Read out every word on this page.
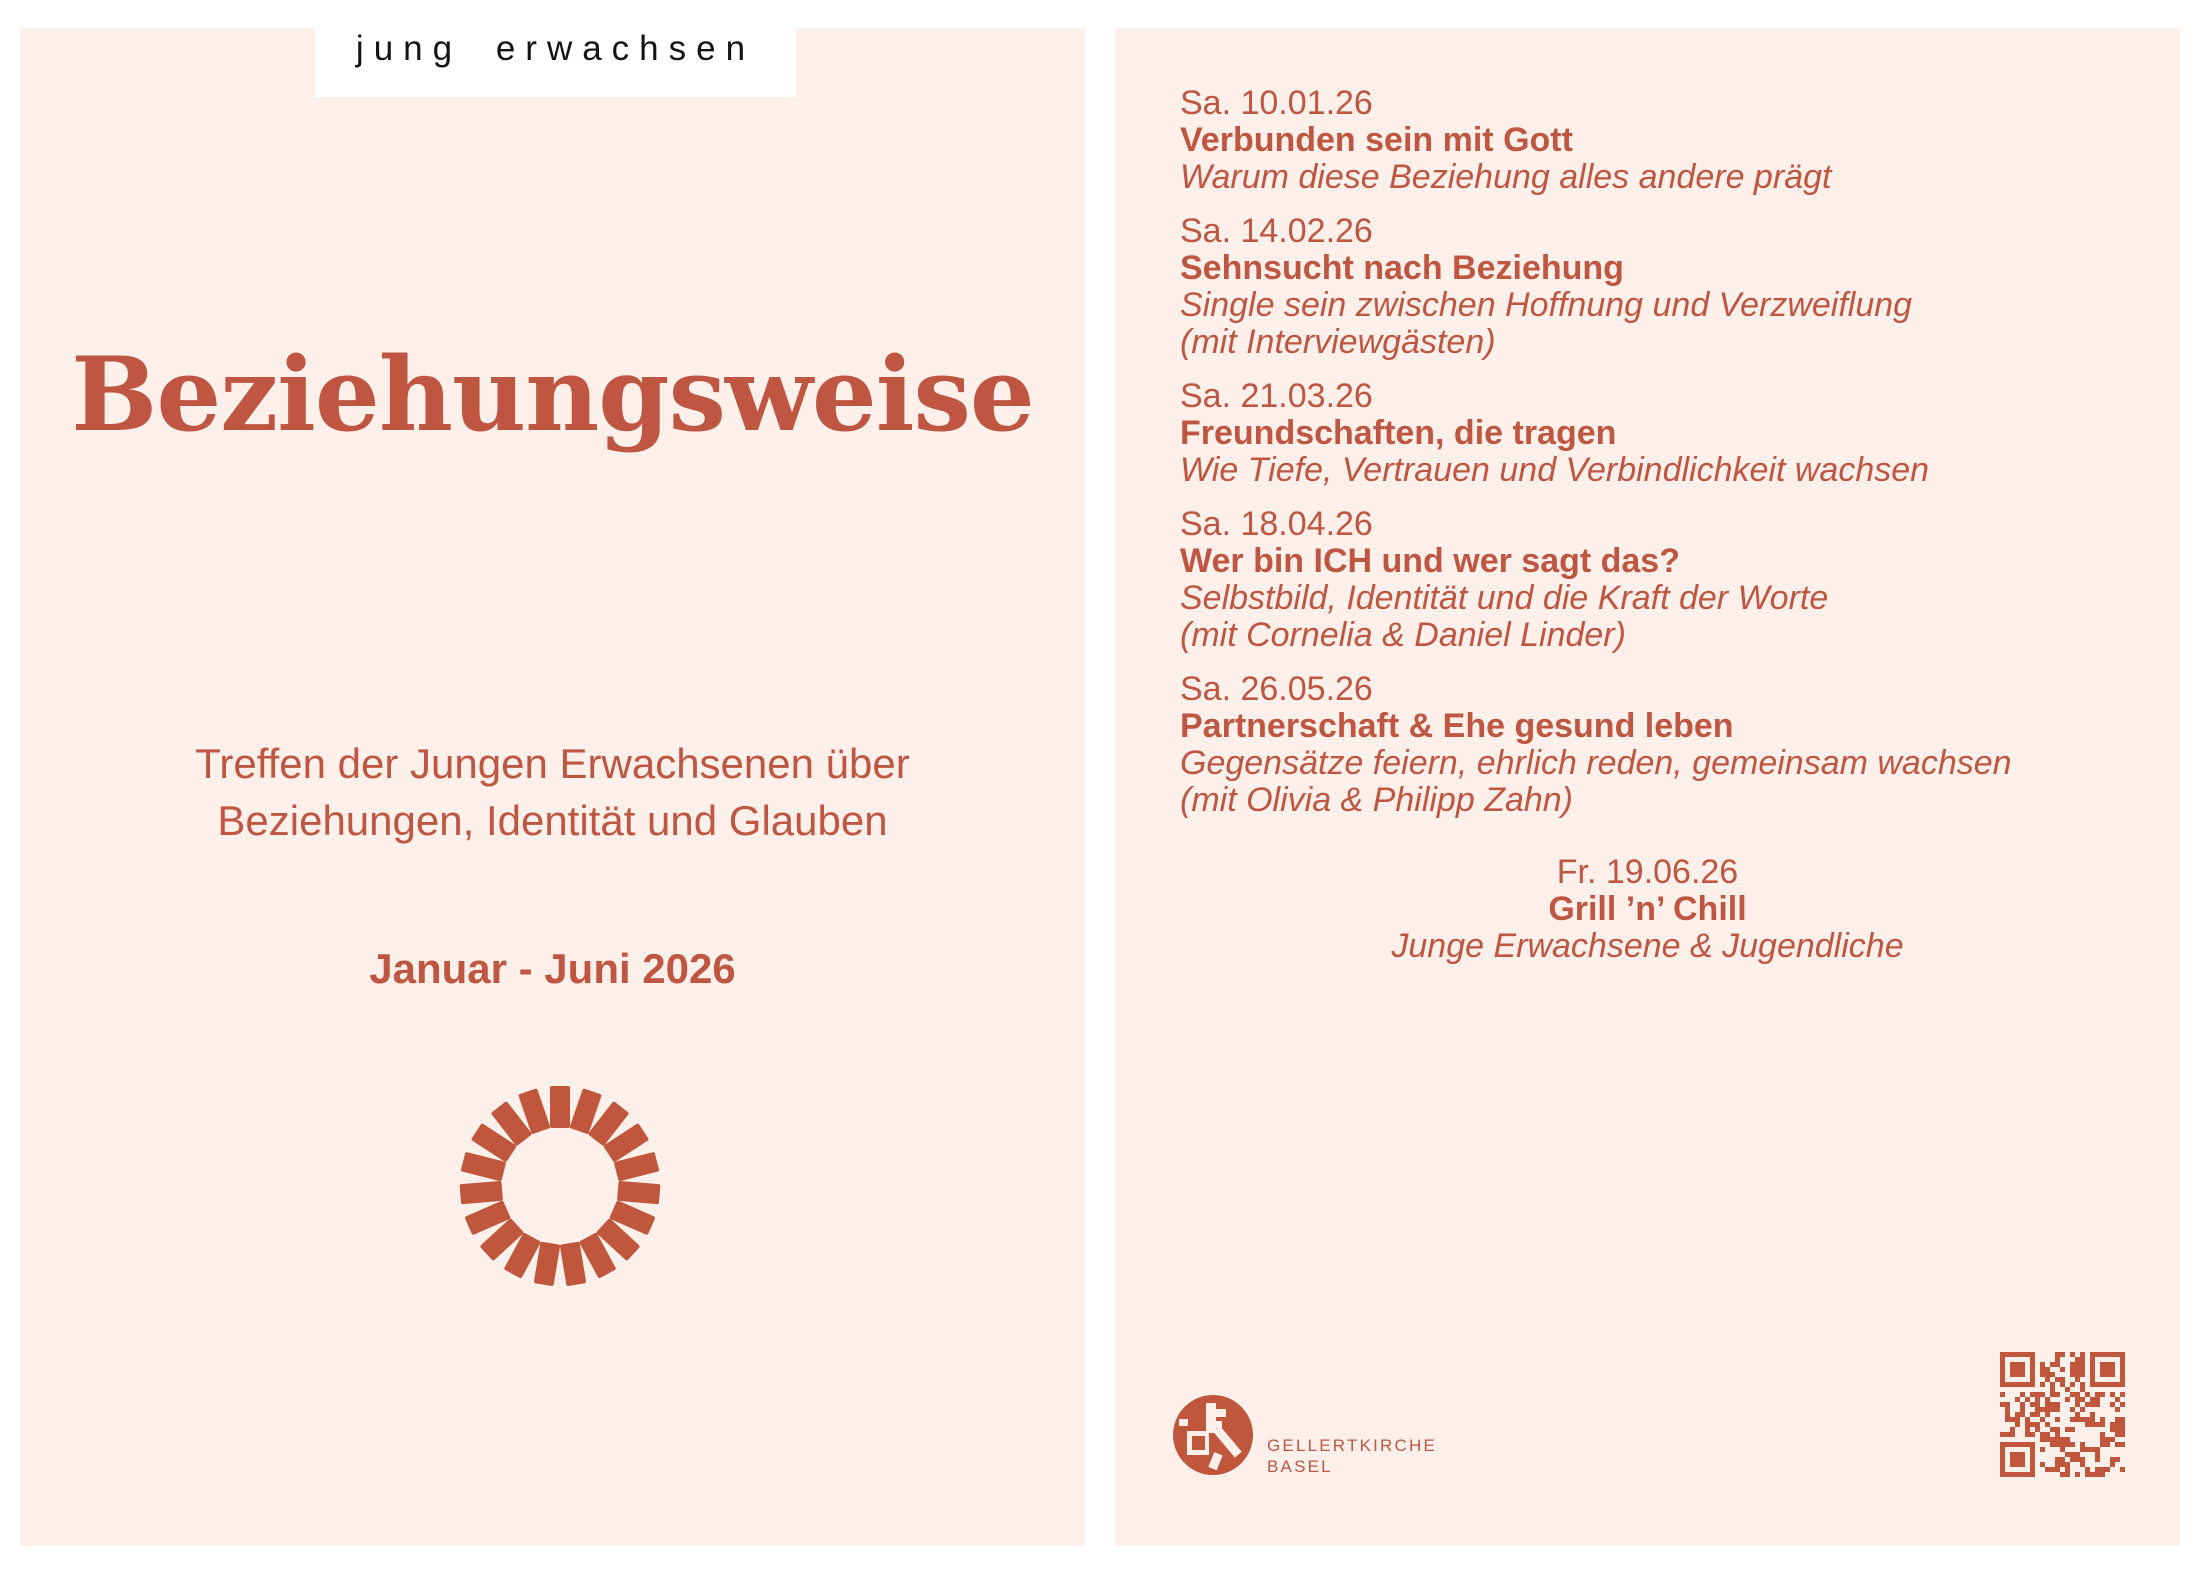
jung erwachsen
Beziehungsweise
Treffen der Jungen Erwachsenen über
Beziehungen, Identität und Glauben
Januar - Juni 2026
Sa. 10.01.26
Verbunden sein mit Gott
Warum diese Beziehung alles andere prägt
Sa. 14.02.26
Sehnsucht nach Beziehung
Single sein zwischen Hoffnung und Verzweiflung
(mit Interviewgästen)
Sa. 21.03.26
Freundschaften, die tragen
Wie Tiefe, Vertrauen und Verbindlichkeit wachsen
Sa. 18.04.26
Wer bin ICH und wer sagt das?
Selbstbild, Identität und die Kraft der Worte
(mit Cornelia & Daniel Linder)
Sa. 26.05.26
Partnerschaft & Ehe gesund leben
Gegensätze feiern, ehrlich reden, gemeinsam wachsen
(mit Olivia & Philipp Zahn)
Fr. 19.06.26
Grill ’n’ Chill
Junge Erwachsene & Jugendliche
GELLERTKIRCHE
BASEL
